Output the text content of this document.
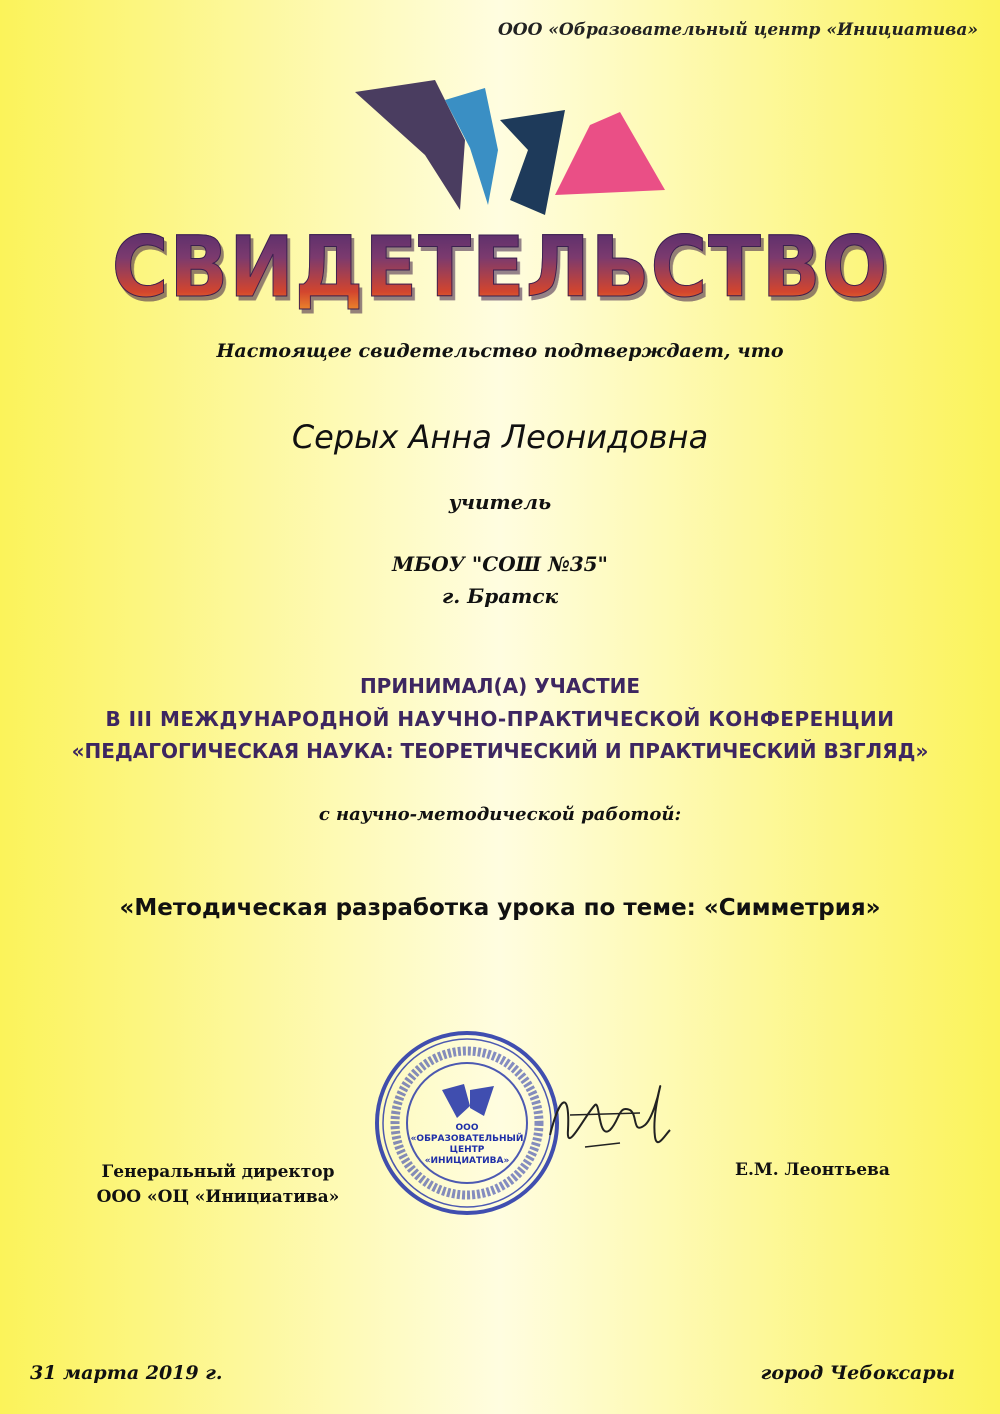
ООО «Образовательный центр «Инициатива»
СВИДЕТЕЛЬСТВО
Настоящее свидетельство подтверждает, что
Серых Анна Леонидовна
учитель
МБОУ "СОШ №35"
г. Братск
ПРИНИМАЛ(А) УЧАСТИЕ
В III МЕЖДУНАРОДНОЙ НАУЧНО-ПРАКТИЧЕСКОЙ КОНФЕРЕНЦИИ
«ПЕДАГОГИЧЕСКАЯ НАУКА: ТЕОРЕТИЧЕСКИЙ И ПРАКТИЧЕСКИЙ ВЗГЛЯД»
с научно-методической работой:
«Методическая разработка урока по теме: «Симметрия»
Генеральный директор
ООО «ОЦ «Инициатива»
ООО
«ОБРАЗОВАТЕЛЬНЫЙ
ЦЕНТР
«ИНИЦИАТИВА»	Е.М. Леонтьева
31 марта 2019 г.	город Чебоксары
